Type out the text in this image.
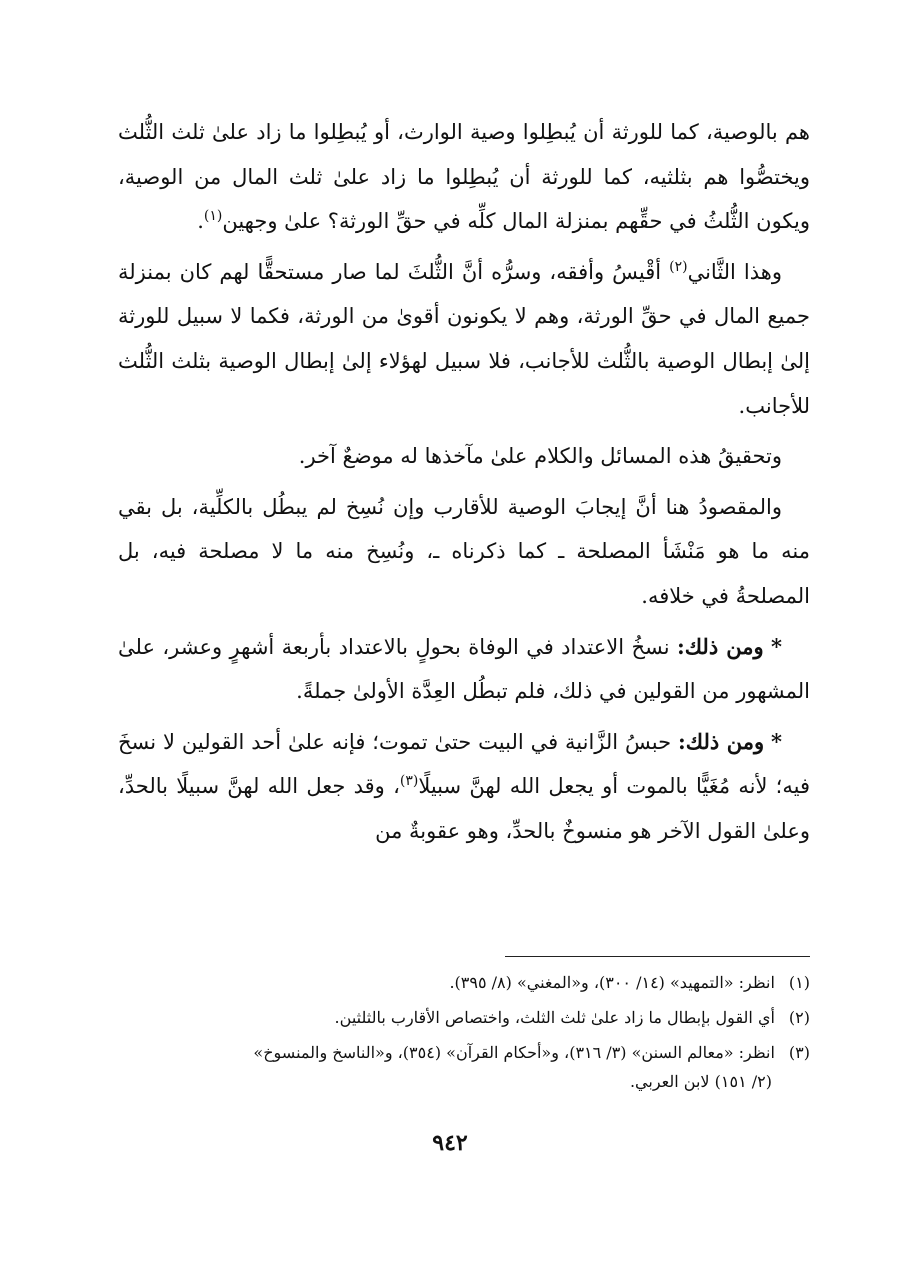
هم بالوصية، كما للورثة أن يُبطِلوا وصية الوارث، أو يُبطِلوا ما زاد علىٰ ثلث الثُّلث ويختصُّوا هم بثلثيه، كما للورثة أن يُبطِلوا ما زاد علىٰ ثلث المال من الوصية، ويكون الثُّلثُ في حقِّهم بمنزلة المال كلِّه في حقِّ الورثة؟ علىٰ وجهين$^{(١)}$.

وهذا الثَّاني$^{(٢)}$ أقْيسُ وأفقه، وسرُّه أنَّ الثُّلثَ لما صار مستحقًّا لهم كان بمنزلة جميع المال في حقِّ الورثة، وهم لا يكونون أقوىٰ من الورثة، فكما لا سبيل للورثة إلىٰ إبطال الوصية بالثُّلث للأجانب، فلا سبيل لهؤلاء إلىٰ إبطال الوصية بثلث الثُّلث للأجانب.

وتحقيقُ هذه المسائل والكلام علىٰ مآخذها له موضعٌ آخر.

والمقصودُ هنا أنَّ إيجابَ الوصية للأقارب وإن نُسِخ لم يبطُل بالكلِّية، بل بقي منه ما هو مَنْشَأ المصلحة ـ كما ذكرناه ـ، ونُسِخ منه ما لا مصلحة فيه، بل المصلحةُ في خلافه.

* ومن ذلك: نسخُ الاعتداد في الوفاة بحولٍ بالاعتداد بأربعة أشهرٍ وعشر، علىٰ المشهور من القولين في ذلك، فلم تبطُل العِدَّة الأولىٰ جملةً.

* ومن ذلك: حبسُ الزَّانية في البيت حتىٰ تموت؛ فإنه علىٰ أحد القولين لا نسخَ فيه؛ لأنه مُغَيًّا بالموت أو يجعل الله لهنَّ سبيلًا$^{(٣)}$، وقد جعل الله لهنَّ سبيلًا بالحدِّ، وعلىٰ القول الآخر هو منسوخٌ بالحدِّ، وهو عقوبةٌ من

(١) انظر: «التمهيد» (١٤/ ٣٠٠)، و«المغني» (٨/ ٣٩٥).

(٢) أي القول بإبطال ما زاد علىٰ ثلث الثلث، واختصاص الأقارب بالثلثين.

(٣) انظر: «معالم السنن» (٣/ ٣١٦)، و«أحكام القرآن» (٣٥٤)، و«الناسخ والمنسوخ»
(٢/ ١٥١) لابن العربي.

٩٤٢
